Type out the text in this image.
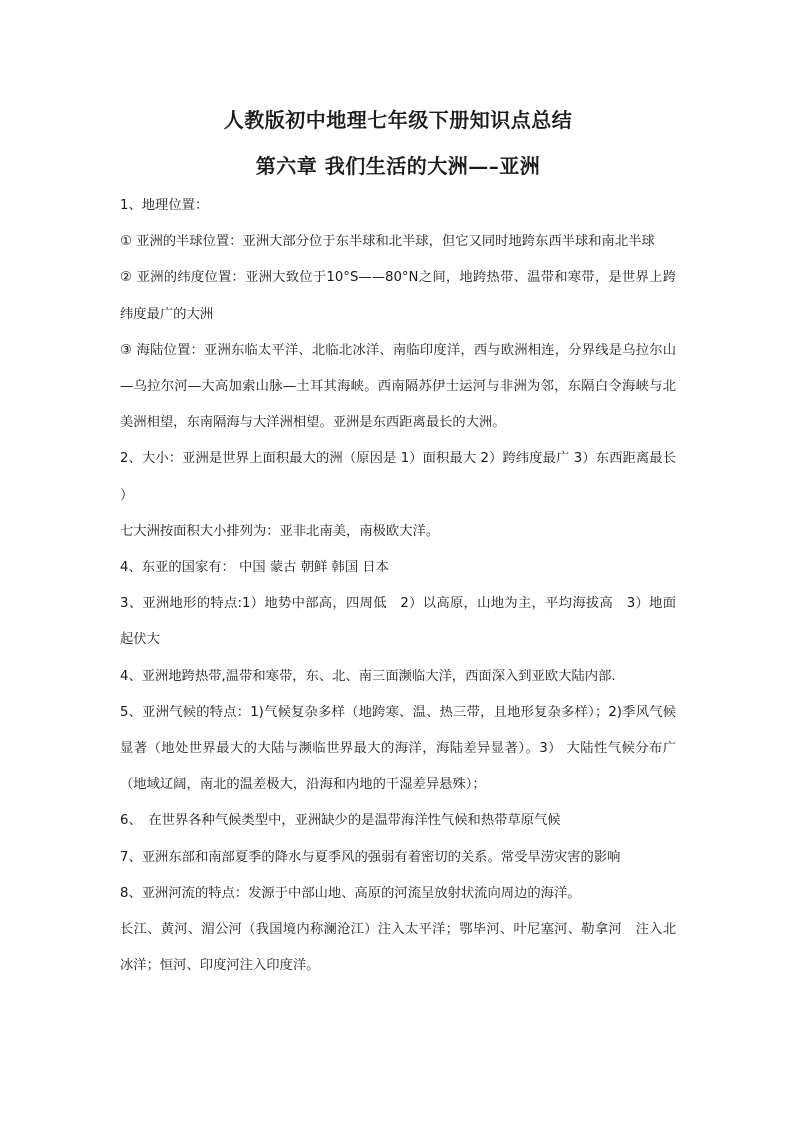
人教版初中地理七年级下册知识点总结
第六章 我们生活的大洲—–亚洲

1、地理位置：

① 亚洲的半球位置：亚洲大部分位于东半球和北半球，但它又同时地跨东西半球和南北半球

② 亚洲的纬度位置：亚洲大致位于10°S——80°N之间，地跨热带、温带和寒带，是世界上跨纬度最广的大洲

③ 海陆位置：亚洲东临太平洋、北临北冰洋、南临印度洋，西与欧洲相连，分界线是乌拉尔山—乌拉尔河—大高加索山脉—土耳其海峡。西南隔苏伊士运河与非洲为邻，东隔白令海峡与北美洲相望，东南隔海与大洋洲相望。亚洲是东西距离最长的大洲。

2、大小：亚洲是世界上面积最大的洲（原因是 1）面积最大 2）跨纬度最广 3）东西距离最长 ）

七大洲按面积大小排列为：亚非北南美，南极欧大洋。

4、东亚的国家有： 中国 蒙古 朝鲜 韩国 日本

3、亚洲地形的特点:1）地势中部高，四周低　2）以高原，山地为主，平均海拔高　3）地面起伏大

4、亚洲地跨热带,温带和寒带，东、北、南三面濒临大洋，西面深入到亚欧大陆内部.

5、亚洲气候的特点：1)气候复杂多样（地跨寒、温、热三带，且地形复杂多样）；2)季风气候显著（地处世界最大的大陆与濒临世界最大的海洋，海陆差异显著）。3） 大陆性气候分布广（地域辽阔，南北的温差极大，沿海和内地的干湿差异悬殊）；

6、　在世界各种气候类型中，亚洲缺少的是温带海洋性气候和热带草原气候

7、亚洲东部和南部夏季的降水与夏季风的强弱有着密切的关系。常受旱涝灾害的影响

8、亚洲河流的特点：发源于中部山地、高原的河流呈放射状流向周边的海洋。

长江、黄河、湄公河（我国境内称澜沧江）注入太平洋；鄂毕河、叶尼塞河、勒拿河　注入北冰洋；恒河、印度河注入印度洋。
